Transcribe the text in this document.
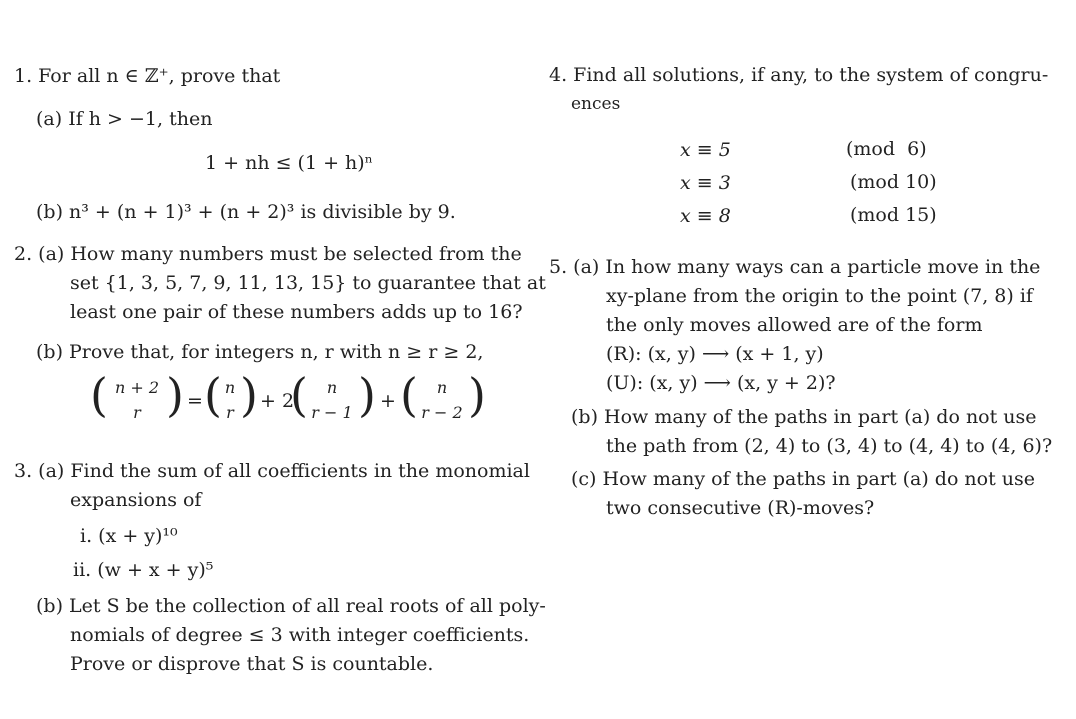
1. For all n ∈ ℤ⁺, prove that
(a) If h > −1, then
1 + nh ≤ (1 + h)ⁿ
(b) n³ + (n + 1)³ + (n + 2)³ is divisible by 9.
2. (a) How many numbers must be selected from the
set {1, 3, 5, 7, 9, 11, 13, 15} to guarantee that at
least one pair of these numbers adds up to 16?
(b) Prove that, for integers n, r with n ≥ r ≥ 2,
( n + 2
r ) = ( n
r ) + 2
(	n
r − 1 ) + (	n
r − 2 )
3. (a) Find the sum of all coefficients in the monomial
expansions of
i. (x + y)¹⁰
ii. (w + x + y)⁵
(b) Let S be the collection of all real roots of all poly-
nomials of degree ≤ 3 with integer coefficients.
Prove or disprove that S is countable.
4. Find all solutions, if any, to the system of congru-
ences
x ≡ 5	(mod  6)
x ≡ 3	(mod 10)
x ≡ 8	(mod 15)
5. (a) In how many ways can a particle move in the
xy-plane from the origin to the point (7, 8) if
the only moves allowed are of the form
(R): (x, y) ⟶ (x + 1, y)
(U): (x, y) ⟶ (x, y + 2)?
(b) How many of the paths in part (a) do not use
the path from (2, 4) to (3, 4) to (4, 4) to (4, 6)?
(c) How many of the paths in part (a) do not use
two consecutive (R)-moves?
